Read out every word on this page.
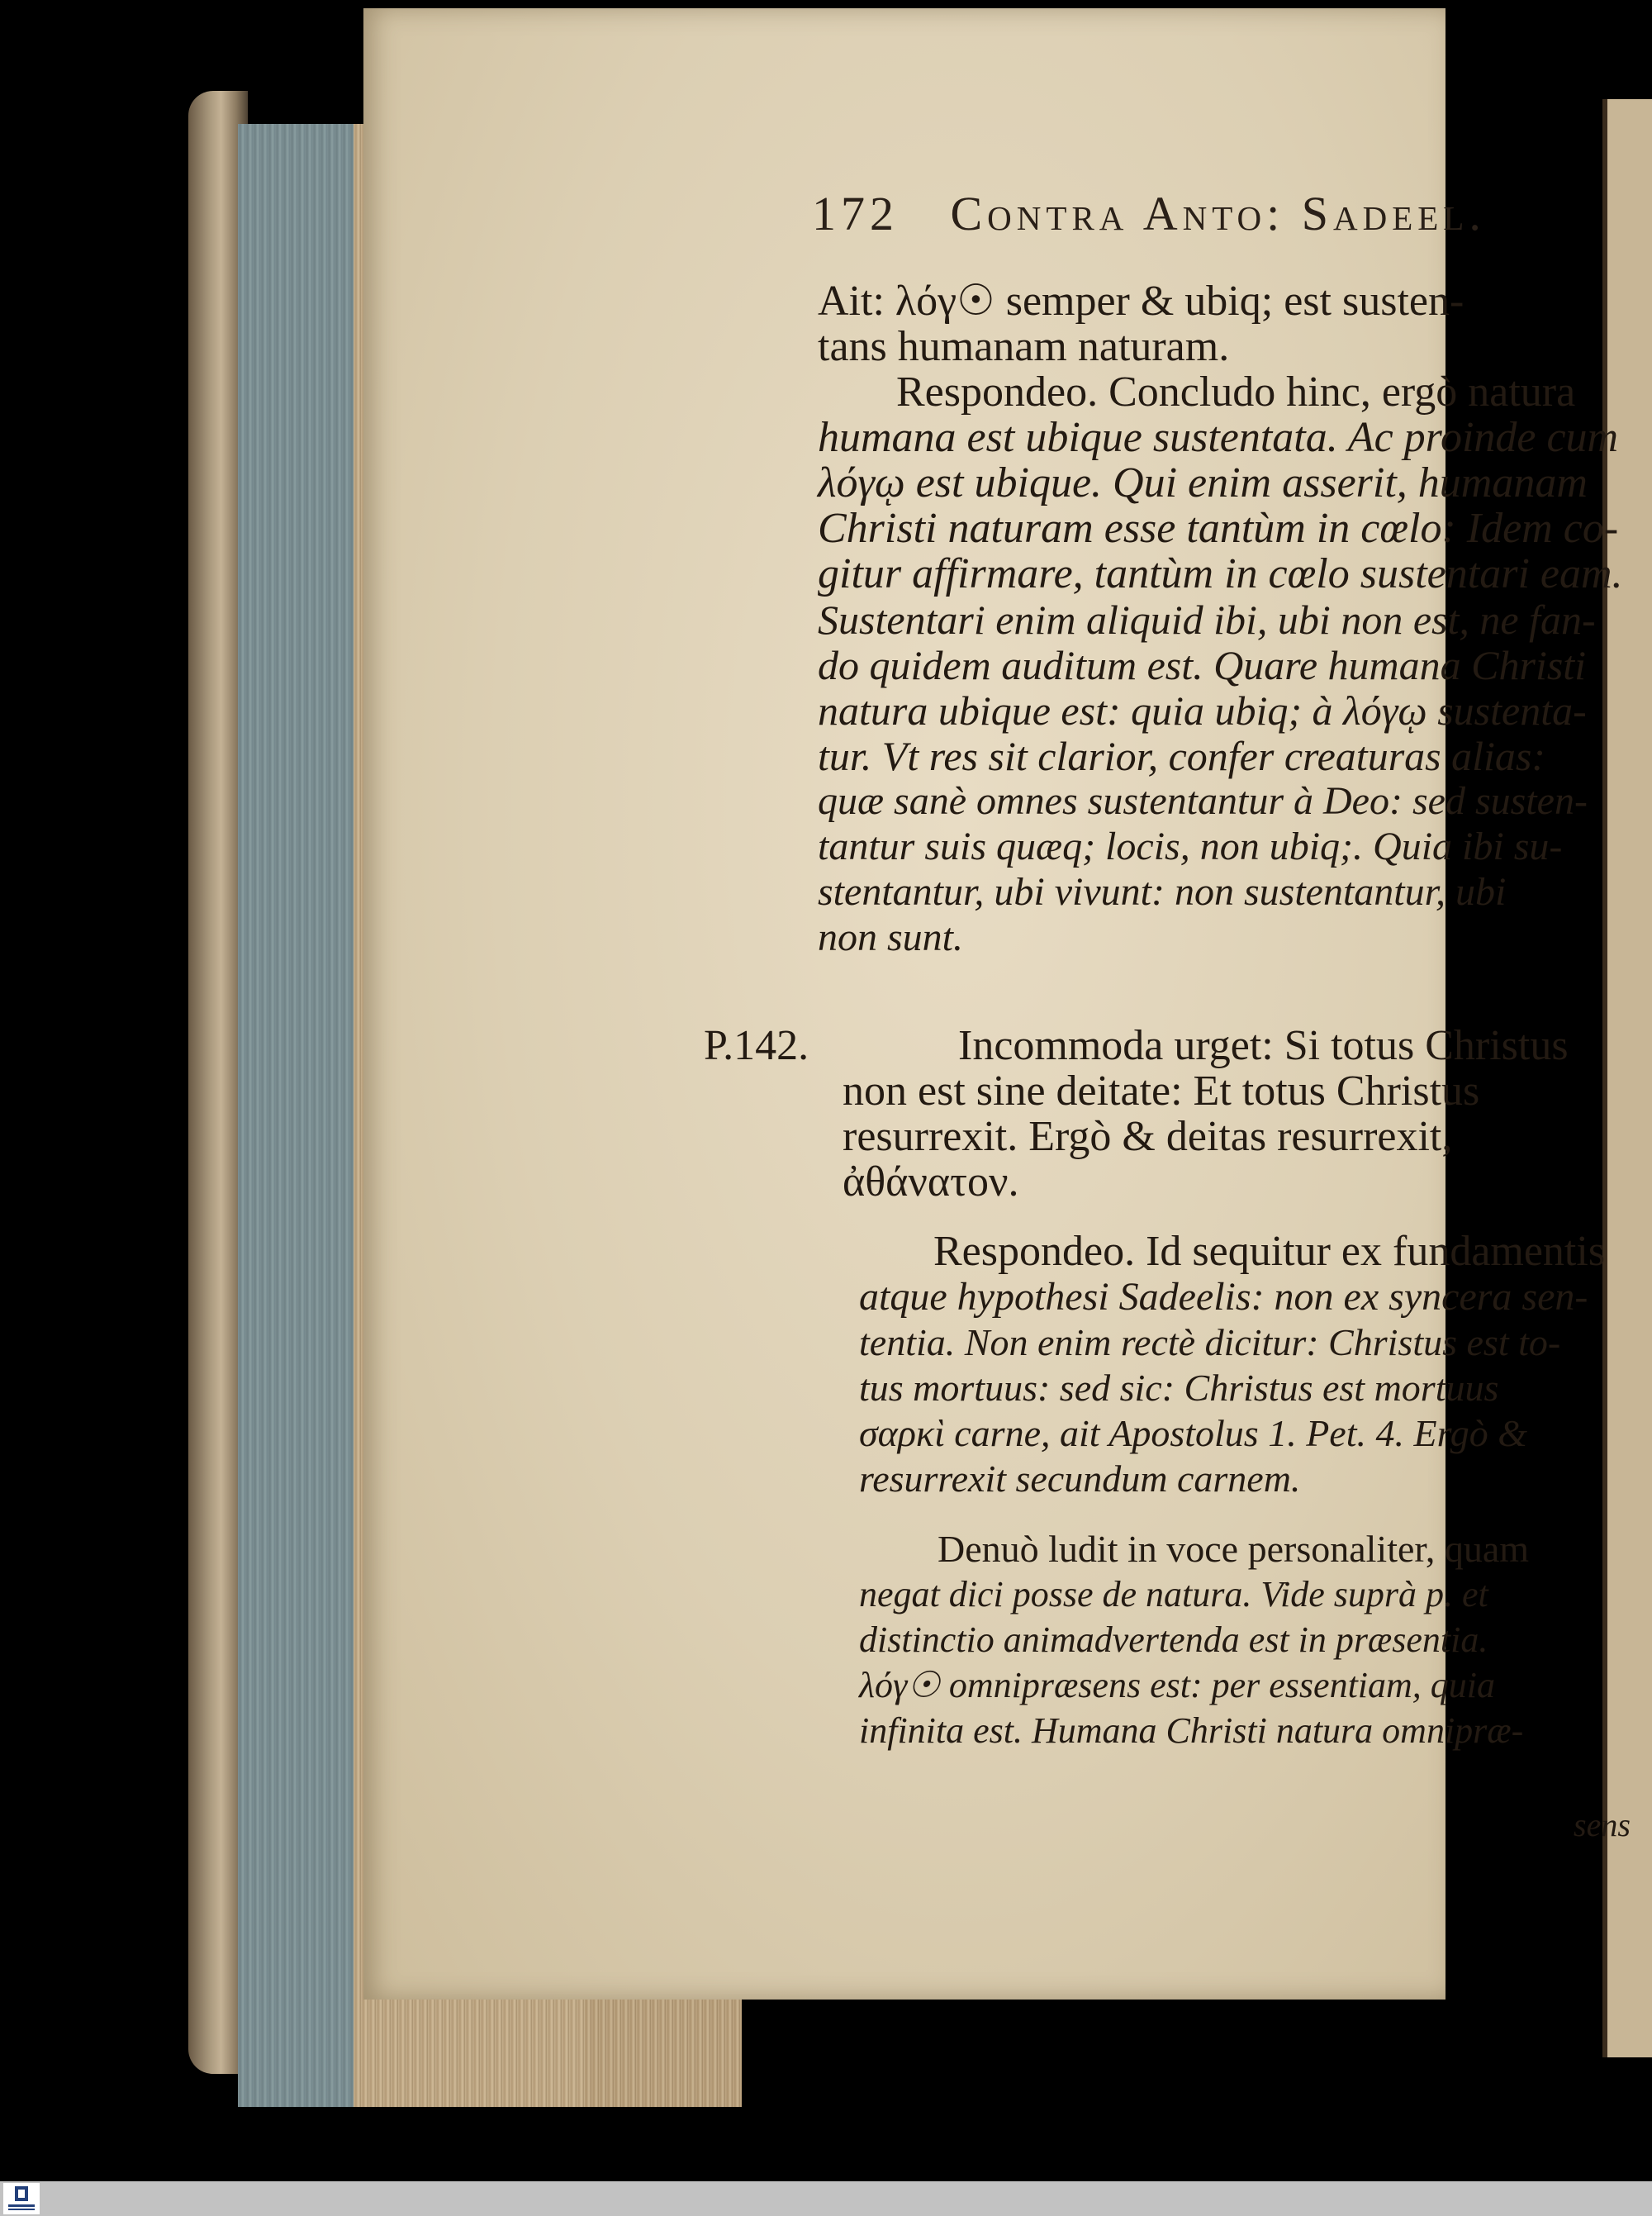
172 Contra Anto: Sadeel.
P.142.
Ait: λόγ☉ semper & ubiq; est susten-
tans humanam naturam.
Respondeo. Concludo hinc, ergò natura
humana est ubique sustentata. Ac proinde cum
λόγῳ est ubique. Qui enim asserit, humanam
Christi naturam esse tantùm in cœlo: Idem co-
gitur affirmare, tantùm in cœlo sustentari eam.
Sustentari enim aliquid ibi, ubi non est, ne fan-
do quidem auditum est. Quare humana Christi
natura ubique est: quia ubiq; à λόγῳ sustenta-
tur. Vt res sit clarior, confer creaturas alias:
quæ sanè omnes sustentantur à Deo: sed susten-
tantur suis quæq; locis, non ubiq;. Quia ibi su-
stentantur, ubi vivunt: non sustentantur, ubi
non sunt.
Incommoda urget: Si totus Christus
non est sine deitate: Et totus Christus
resurrexit. Ergò & deitas resurrexit,
ἀθάνατον.
Respondeo. Id sequitur ex fundamentis
atque hypothesi Sadeelis: non ex syncera sen-
tentia. Non enim rectè dicitur: Christus est to-
tus mortuus: sed sic: Christus est mortuus
σαρκὶ carne, ait Apostolus 1. Pet. 4. Ergò &
resurrexit secundum carnem.
Denuò ludit in voce personaliter, quam
negat dici posse de natura. Vide suprà p. et
distinctio animadvertenda est in præsentia.
λόγ☉ omnipræsens est: per essentiam, quia
infinita est. Humana Christi natura omnipræ-
sens
